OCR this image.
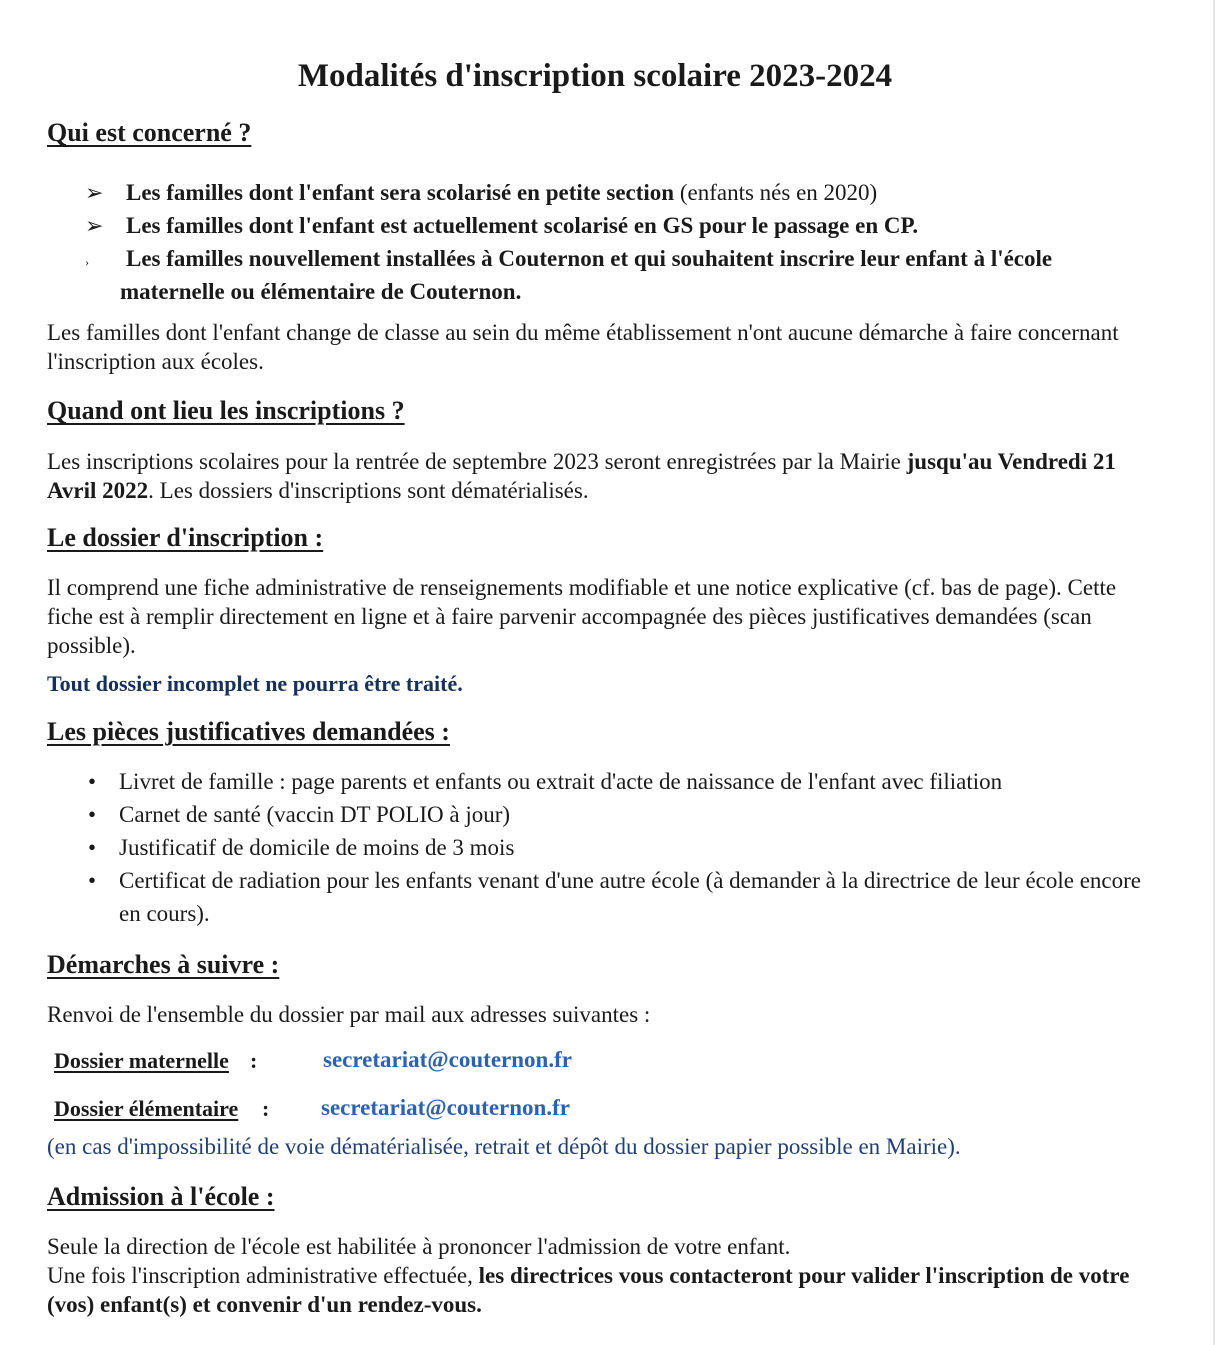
Modalités d'inscription scolaire 2023-2024
Qui est concerné ?
➢ Les familles dont l'enfant sera scolarisé en petite section (enfants nés en 2020)
➢ Les familles dont l'enfant est actuellement scolarisé en GS pour le passage en CP.
› Les familles nouvellement installées à Couternon et qui souhaitent inscrire leur enfant à l'école maternelle ou élémentaire de Couternon.

Les familles dont l'enfant change de classe au sein du même établissement n'ont aucune démarche à faire concernant l'inscription aux écoles.

Quand ont lieu les inscriptions ?

Les inscriptions scolaires pour la rentrée de septembre 2023 seront enregistrées par la Mairie jusqu'au Vendredi 21 Avril 2022. Les dossiers d'inscriptions sont dématérialisés.

Le dossier d'inscription :

Il comprend une fiche administrative de renseignements modifiable et une notice explicative (cf. bas de page). Cette fiche est à remplir directement en ligne et à faire parvenir accompagnée des pièces justificatives demandées (scan possible).

Tout dossier incomplet ne pourra être traité.

Les pièces justificatives demandées :
• Livret de famille : page parents et enfants ou extrait d'acte de naissance de l'enfant avec filiation
• Carnet de santé (vaccin DT POLIO à jour)
• Justificatif de domicile de moins de 3 mois
• Certificat de radiation pour les enfants venant d'une autre école (à demander à la directrice de leur école encore en cours).
Démarches à suivre :

Renvoi de l'ensemble du dossier par mail aux adresses suivantes :

Dossier maternelle :	secretariat@couternon.fr
Dossier élémentaire : secretariat@couternon.fr

(en cas d'impossibilité de voie dématérialisée, retrait et dépôt du dossier papier possible en Mairie).

Admission à l'école :

Seule la direction de l'école est habilitée à prononcer l'admission de votre enfant.

Une fois l'inscription administrative effectuée, les directrices vous contacteront pour valider l'inscription de votre (vos) enfant(s) et convenir d'un rendez-vous.
